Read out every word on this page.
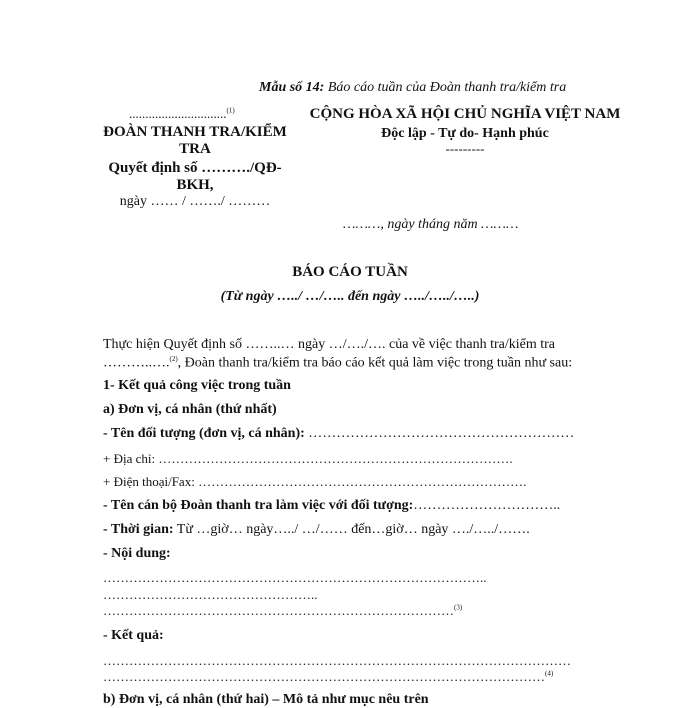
Mẫu số 14: Báo cáo tuần của Đoàn thanh tra/kiểm tra
..............................$^{(1)}$
ĐOÀN THANH TRA/KIỂM
TRA
Quyết định số ………./QĐ-
BKH,
ngày …… / ……./ ………
CỘNG HÒA XÃ HỘI CHỦ NGHĨA VIỆT NAM
Độc lập - Tự do- Hạnh phúc
---------
………, ngày tháng năm ………
BÁO CÁO TUẦN
(Từ ngày …../ …/….. đến ngày …../…../…..)
Thực hiện Quyết định số ……..… ngày …/…./…. của về việc thanh tra/kiểm tra
………..….$^{(2)}$, Đoàn thanh tra/kiểm tra báo cáo kết quả làm việc trong tuần như sau:
1- Kết quả công việc trong tuần
a) Đơn vị, cá nhân (thứ nhất)
- Tên đối tượng (đơn vị, cá nhân): …………………………………………………
+ Địa chỉ: ……………………………………………………………………….
+ Điện thoại/Fax: ………………………………………………………………….
- Tên cán bộ Đoàn thanh tra làm việc với đối tượng:…………………………..
- Thời gian: Từ …giờ… ngày…../ …/…… đến…giờ… ngày …./…../…….
- Nội dung:
……………………………………………………………………………..
…………………………………………..
………………………………………………………………………$^{(3)}$
- Kết quả:
………………………………………………………………………………………………
…………………………………………………………………………………………$^{(4)}$
b) Đơn vị, cá nhân (thứ hai) – Mô tả như mục nêu trên
